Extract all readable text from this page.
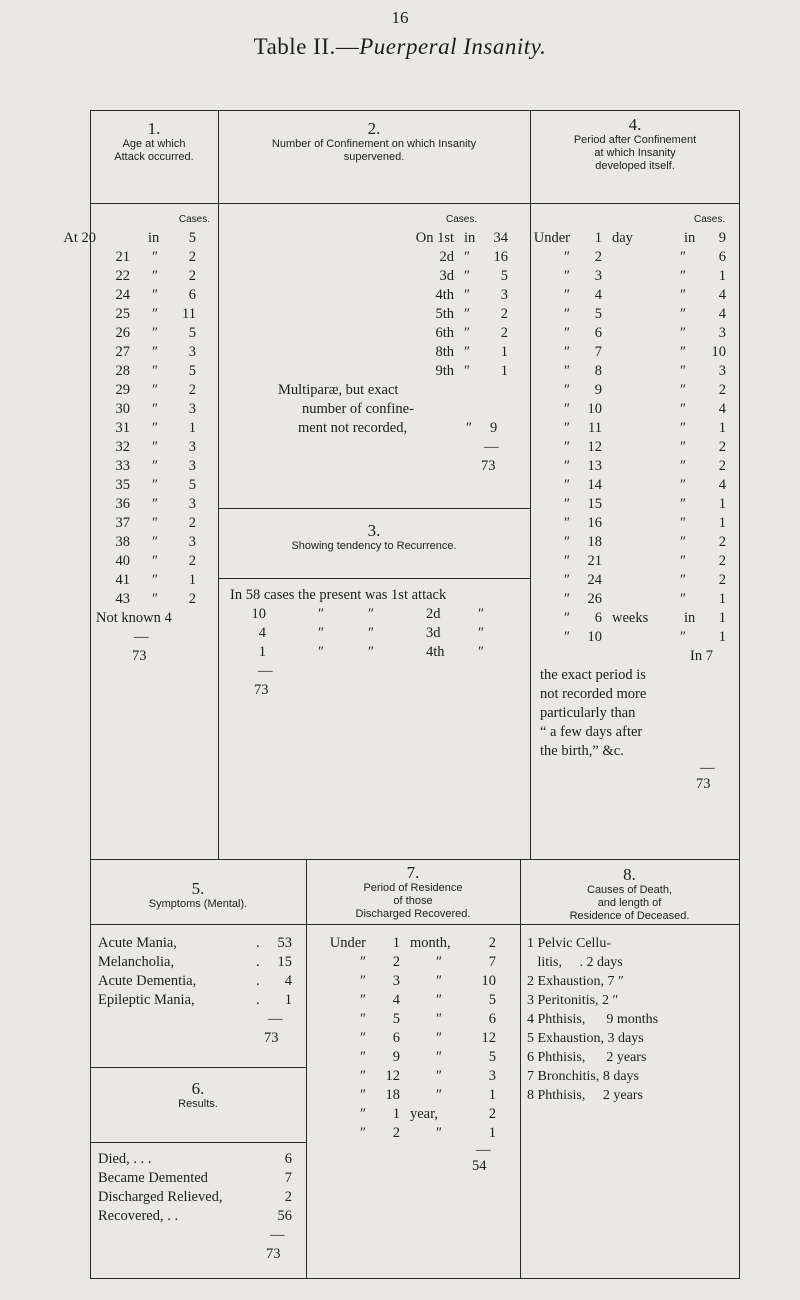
16
Table II.—Puerperal Insanity.
1.
Age at which
Attack occurred.
2.
Number of Confinement on which Insanity
supervened.
4.
Period after Confinement
at which Insanity
developed itself.
Cases.
At 20	in	5
21 ″	2
22 ″	2
24 ″	6
25 ″	11
26 ″	5
27 ″	3
28 ″	5
29 ″	2
30 ″	3
31 ″	1
32 ″	3
33 ″	3
35 ″	5
36 ″	3
37 ″	2
38 ″	3
40 ″	2
41 ″	1
43 ″	2
Not known 4
—
73
Cases.
On 1st in	34
2d ″	16
3d ″	5
4th ″	3
5th ″	2
6th ″	2
8th ″	1
9th ″	1
Multiparæ, but exact
number of confine-
ment not recorded,	″ 9
—
73
3.
Showing tendency to Recurrence.
In 58 cases the present was 1st attack
10	″	″	2d	″
4	″	″	3d	″
1	″	″	4th ″
—
73
Cases.
Under	1 day	in	9
″	2	″	6
″	3	″	1
″	4	″	4
″	5	″	4
″	6	″	3
″	7	″	10
″	8	″	3
″	9	″	2
″	10	″	4
″	11	″	1
″	12	″	2
″	13	″	2
″	14	″	4
″	15	″	1
″	16	″	1
″	18	″	2
″	21	″	2
″	24	″	2
″	26	″	1
″	6 weeks in	1
″	10	″	1
In 7
the exact period is
not recorded more
particularly than
“ a few days after
the birth,” &c.
—
73
5.
Symptoms (Mental).
7.
Period of Residence
of those
Discharged Recovered.
8.
Causes of Death,
and length of
Residence of Deceased.
Acute Mania,	.	53
Melancholia,	.	15
Acute Dementia,	.	4
Epileptic Mania,	.	1
—
73
6.
Results.
Died, . . .	6
Became Demented	7
Discharged Relieved,	2
Recovered, . .	56
—
73
Under	1 month,	2
″	2 ″	7
″	3 ″	10
″	4 ″	5
″	5 ″	6
″	6 ″	12
″	9 ″	5
″	12 ″	3
″	18 ″	1
″	1 year,	2
″	2 ″	1
—
54
1 Pelvic Cellu-
litis,     . 2 days
2 Exhaustion, 7 ″
3 Peritonitis, 2 ″
4 Phthisis,      9 months
5 Exhaustion, 3 days
6 Phthisis,      2 years
7 Bronchitis, 8 days
8 Phthisis,     2 years
